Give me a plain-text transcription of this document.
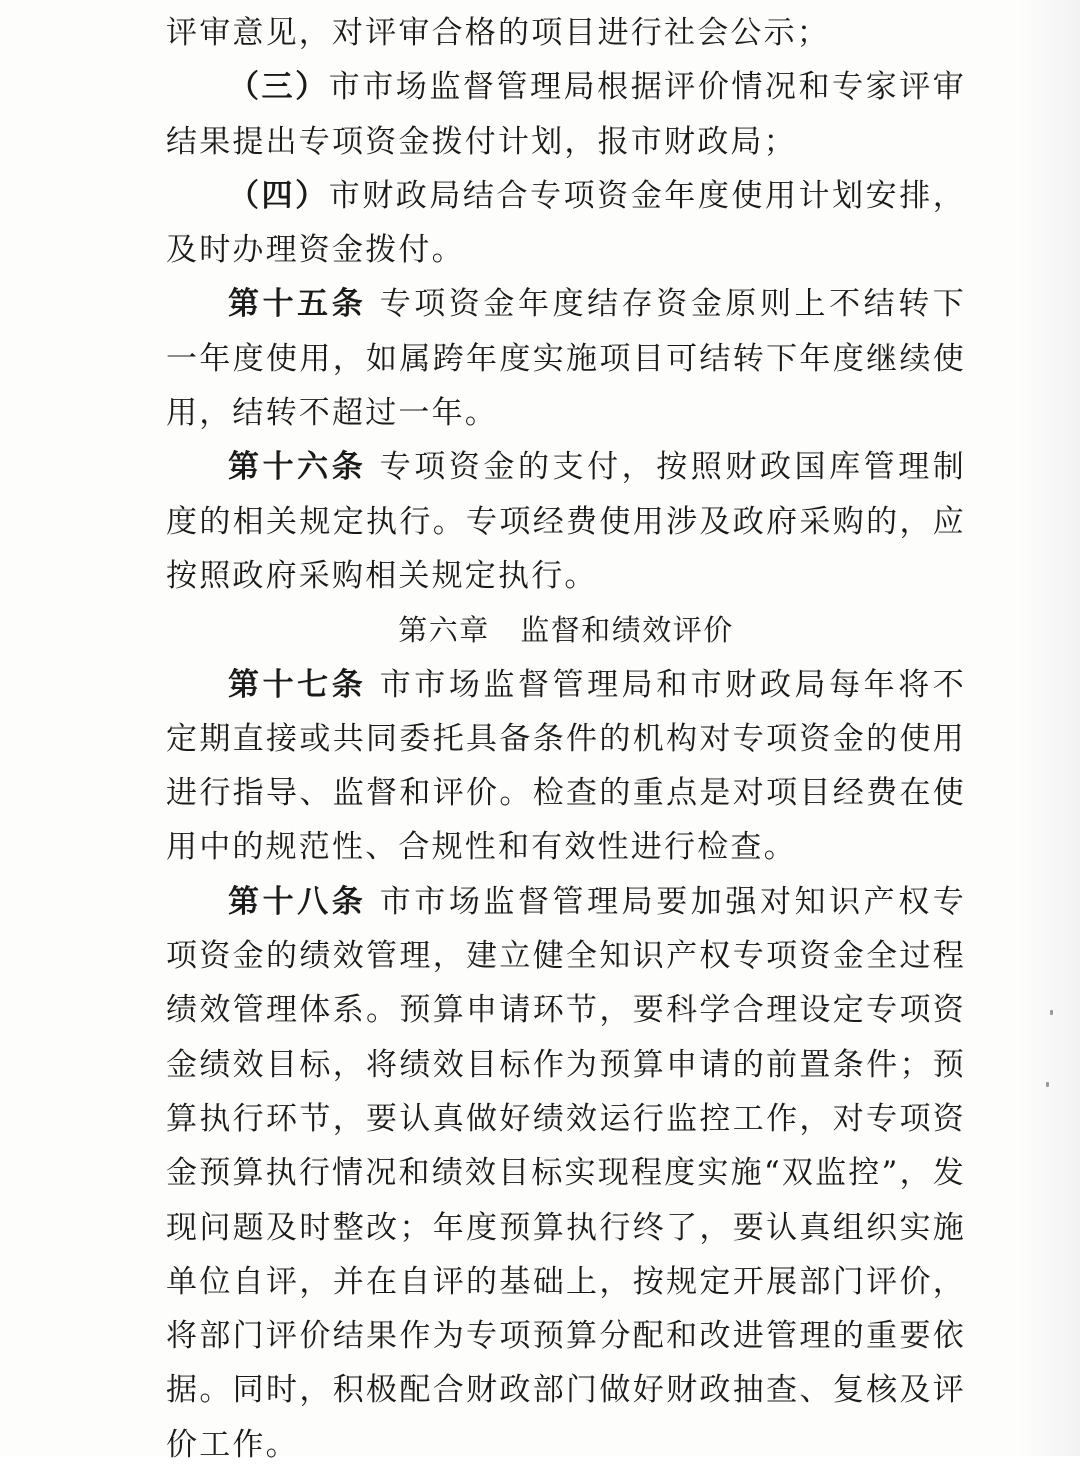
评审意见，对评审合格的项目进行社会公示；

（三）市市场监督管理局根据评价情况和专家评审结果提出专项资金拨付计划，报市财政局；

（四）市财政局结合专项资金年度使用计划安排，及时办理资金拨付。

第十五条 专项资金年度结存资金原则上不结转下一年度使用，如属跨年度实施项目可结转下年度继续使用，结转不超过一年。

第十六条 专项资金的支付，按照财政国库管理制度的相关规定执行。专项经费使用涉及政府采购的，应按照政府采购相关规定执行。

第六章　监督和绩效评价

第十七条 市市场监督管理局和市财政局每年将不定期直接或共同委托具备条件的机构对专项资金的使用进行指导、监督和评价。检查的重点是对项目经费在使用中的规范性、合规性和有效性进行检查。

第十八条 市市场监督管理局要加强对知识产权专项资金的绩效管理，建立健全知识产权专项资金全过程绩效管理体系。预算申请环节，要科学合理设定专项资金绩效目标，将绩效目标作为预算申请的前置条件；预算执行环节，要认真做好绩效运行监控工作，对专项资金预算执行情况和绩效目标实现程度实施“双监控”，发现问题及时整改；年度预算执行终了，要认真组织实施单位自评，并在自评的基础上，按规定开展部门评价，将部门评价结果作为专项预算分配和改进管理的重要依据。同时，积极配合财政部门做好财政抽查、复核及评价工作。
